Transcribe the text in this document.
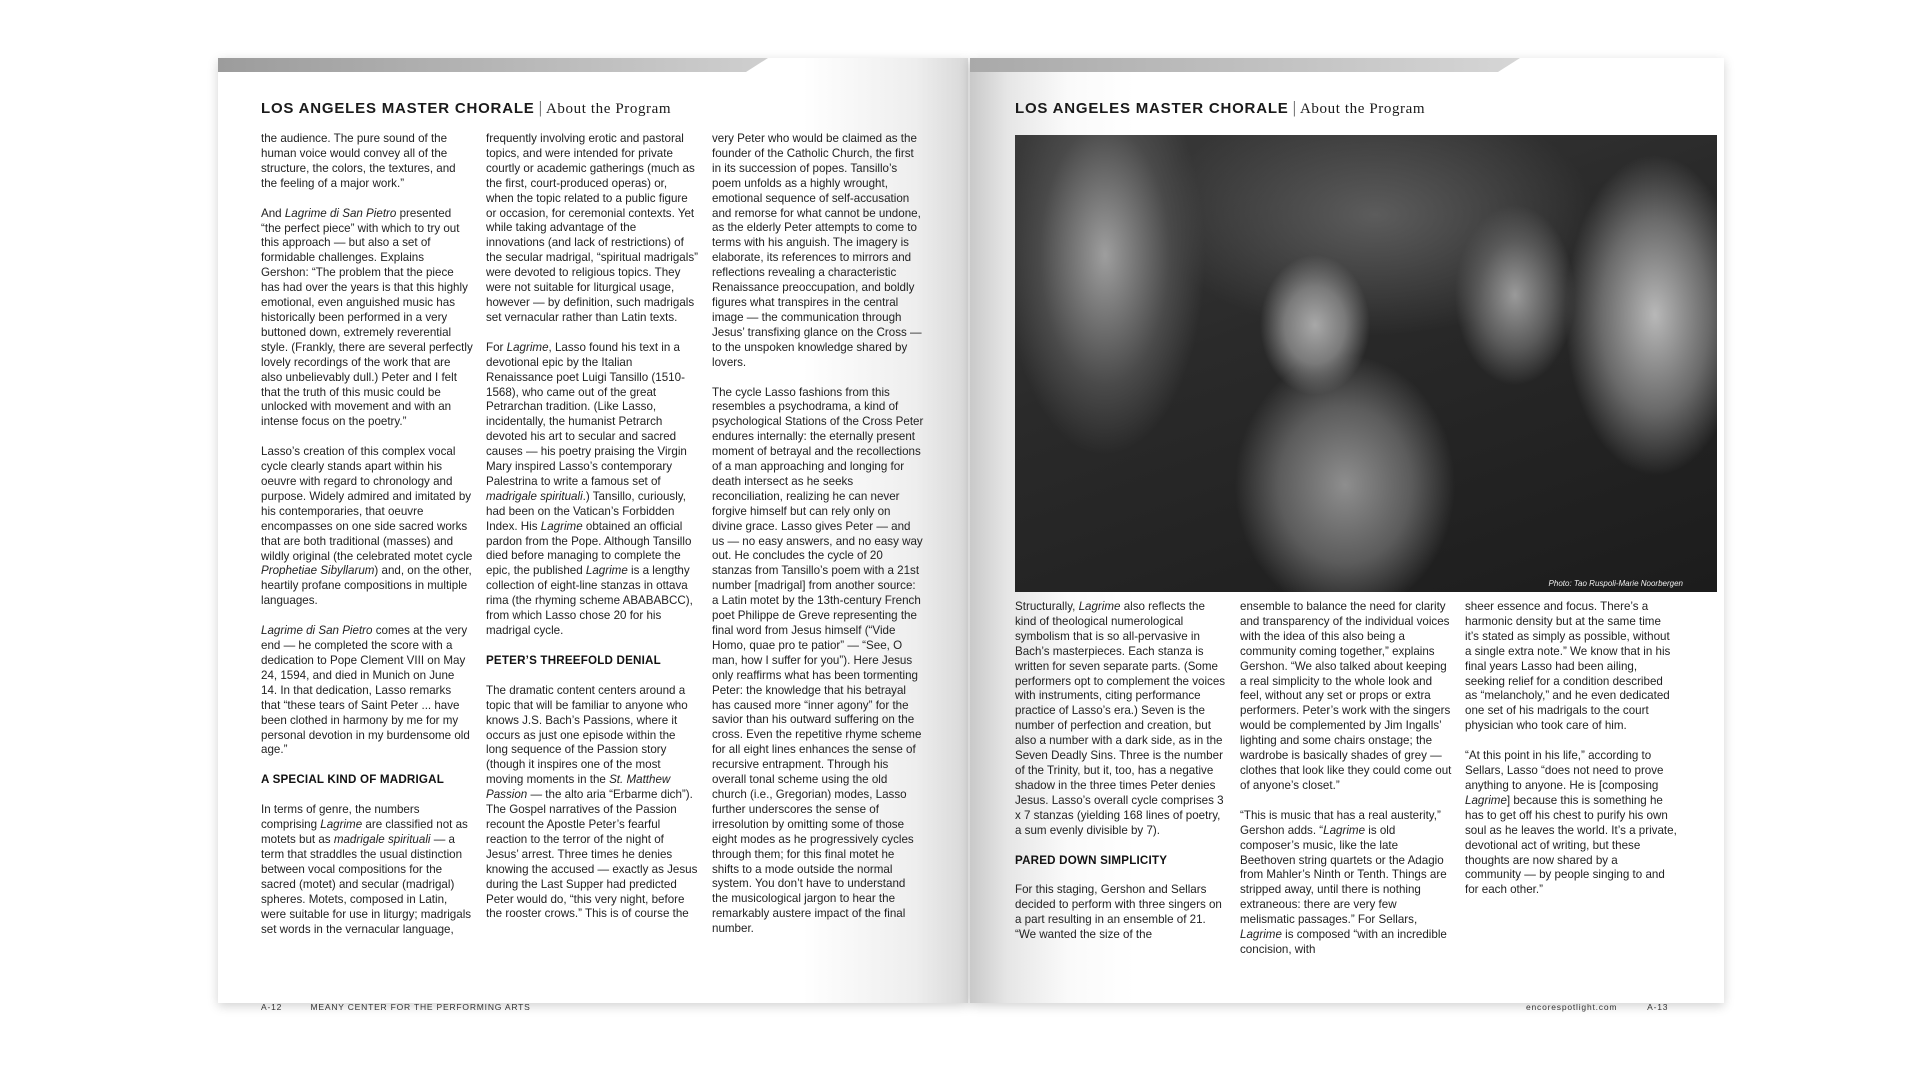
LOS ANGELES MASTER CHORALE | About the Program

the audience. The pure sound of the human voice would convey all of the structure, the colors, the textures, and the feeling of a major work.”

And Lagrime di San Pietro presented “the perfect piece” with which to try out this approach — but also a set of formidable challenges. Explains Gershon: “The problem that the piece has had over the years is that this highly emotional, even anguished music has historically been performed in a very buttoned down, extremely reverential style. (Frankly, there are several perfectly lovely recordings of the work that are also unbelievably dull.) Peter and I felt that the truth of this music could be unlocked with movement and with an intense focus on the poetry.”

Lasso’s creation of this complex vocal cycle clearly stands apart within his oeuvre with regard to chronology and purpose. Widely admired and imitated by his contemporaries, that oeuvre encompasses on one side sacred works that are both traditional (masses) and wildly original (the celebrated motet cycle Prophetiae Sibyllarum) and, on the other, heartily profane compositions in multiple languages.

Lagrime di San Pietro comes at the very end — he completed the score with a dedication to Pope Clement VIII on May 24, 1594, and died in Munich on June 14. In that dedication, Lasso remarks that “these tears of Saint Peter ... have been clothed in harmony by me for my personal devotion in my burdensome old age.”

A SPECIAL KIND OF MADRIGAL

In terms of genre, the numbers comprising Lagrime are classified not as motets but as madrigale spirituali — a term that straddles the usual distinction between vocal compositions for the sacred (motet) and secular (madrigal) spheres. Motets, composed in Latin, were suitable for use in liturgy; madrigals set words in the vernacular language,

frequently involving erotic and pastoral topics, and were intended for private courtly or academic gatherings (much as the first, court-produced operas) or, when the topic related to a public figure or occasion, for ceremonial contexts. Yet while taking advantage of the innovations (and lack of restrictions) of the secular madrigal, “spiritual madrigals” were devoted to religious topics. They were not suitable for liturgical usage, however — by definition, such madrigals set vernacular rather than Latin texts.

For Lagrime, Lasso found his text in a devotional epic by the Italian Renaissance poet Luigi Tansillo (1510-1568), who came out of the great Petrarchan tradition. (Like Lasso, incidentally, the humanist Petrarch devoted his art to secular and sacred causes — his poetry praising the Virgin Mary inspired Lasso’s contemporary Palestrina to write a famous set of madrigale spirituali.) Tansillo, curiously, had been on the Vatican’s Forbidden Index. His Lagrime obtained an official pardon from the Pope. Although Tansillo died before managing to complete the epic, the published Lagrime is a lengthy collection of eight-line stanzas in ottava rima (the rhyming scheme ABABABCC), from which Lasso chose 20 for his madrigal cycle.

PETER’S THREEFOLD DENIAL

The dramatic content centers around a topic that will be familiar to anyone who knows J.S. Bach’s Passions, where it occurs as just one episode within the long sequence of the Passion story (though it inspires one of the most moving moments in the St. Matthew Passion — the alto aria “Erbarme dich”). The Gospel narratives of the Passion recount the Apostle Peter’s fearful reaction to the terror of the night of Jesus’ arrest. Three times he denies knowing the accused — exactly as Jesus during the Last Supper had predicted Peter would do, “this very night, before the rooster crows.” This is of course the

very Peter who would be claimed as the founder of the Catholic Church, the first in its succession of popes. Tansillo’s poem unfolds as a highly wrought, emotional sequence of self-accusation and remorse for what cannot be undone, as the elderly Peter attempts to come to terms with his anguish. The imagery is elaborate, its references to mirrors and reflections revealing a characteristic Renaissance preoccupation, and boldly figures what transpires in the central image — the communication through Jesus’ transfixing glance on the Cross — to the unspoken knowledge shared by lovers.

The cycle Lasso fashions from this resembles a psychodrama, a kind of psychological Stations of the Cross Peter endures internally: the eternally present moment of betrayal and the recollections of a man approaching and longing for death intersect as he seeks reconciliation, realizing he can never forgive himself but can rely only on divine grace. Lasso gives Peter — and us — no easy answers, and no easy way out. He concludes the cycle of 20 stanzas from Tansillo’s poem with a 21st number [madrigal] from another source: a Latin motet by the 13th-century French poet Philippe de Greve representing the final word from Jesus himself (“Vide Homo, quae pro te patior” — “See, O man, how I suffer for you”). Here Jesus only reaffirms what has been tormenting Peter: the knowledge that his betrayal has caused more “inner agony” for the savior than his outward suffering on the cross. Even the repetitive rhyme scheme for all eight lines enhances the sense of recursive entrapment. Through his overall tonal scheme using the old church (i.e., Gregorian) modes, Lasso further underscores the sense of irresolution by omitting some of those eight modes as he progressively cycles through them; for this final motet he shifts to a mode outside the normal system. You don’t have to understand the musicological jargon to hear the remarkably austere impact of the final number.

A-12	MEANY CENTER FOR THE PERFORMING ARTS
LOS ANGELES MASTER CHORALE | About the Program
Photo: Tao Ruspoli-Marie Noorbergen

Structurally, Lagrime also reflects the kind of theological numerological symbolism that is so all-pervasive in Bach’s masterpieces. Each stanza is written for seven separate parts. (Some performers opt to complement the voices with instruments, citing performance practice of Lasso’s era.) Seven is the number of perfection and creation, but also a number with a dark side, as in the Seven Deadly Sins. Three is the number of the Trinity, but it, too, has a negative shadow in the three times Peter denies Jesus. Lasso’s overall cycle comprises 3 x 7 stanzas (yielding 168 lines of poetry, a sum evenly divisible by 7).

PARED DOWN SIMPLICITY

For this staging, Gershon and Sellars decided to perform with three singers on a part resulting in an ensemble of 21. “We wanted the size of the

ensemble to balance the need for clarity and transparency of the individual voices with the idea of this also being a community coming together,” explains Gershon. “We also talked about keeping a real simplicity to the whole look and feel, without any set or props or extra performers. Peter’s work with the singers would be complemented by Jim Ingalls’ lighting and some chairs onstage; the wardrobe is basically shades of grey — clothes that look like they could come out of anyone’s closet.”

“This is music that has a real austerity,” Gershon adds. “Lagrime is old composer’s music, like the late Beethoven string quartets or the Adagio from Mahler’s Ninth or Tenth. Things are stripped away, until there is nothing extraneous: there are very few melismatic passages.” For Sellars, Lagrime is composed “with an incredible concision, with

sheer essence and focus. There’s a harmonic density but at the same time it’s stated as simply as possible, without a single extra note.” We know that in his final years Lasso had been ailing, seeking relief for a condition described as “melancholy,” and he even dedicated one set of his madrigals to the court physician who took care of him.

“At this point in his life,” according to Sellars, Lasso “does not need to prove anything to anyone. He is [composing Lagrime] because this is something he has to get off his chest to purify his own soul as he leaves the world. It’s a private, devotional act of writing, but these thoughts are now shared by a community — by people singing to and for each other.”

encorespotlight.com	A-13
